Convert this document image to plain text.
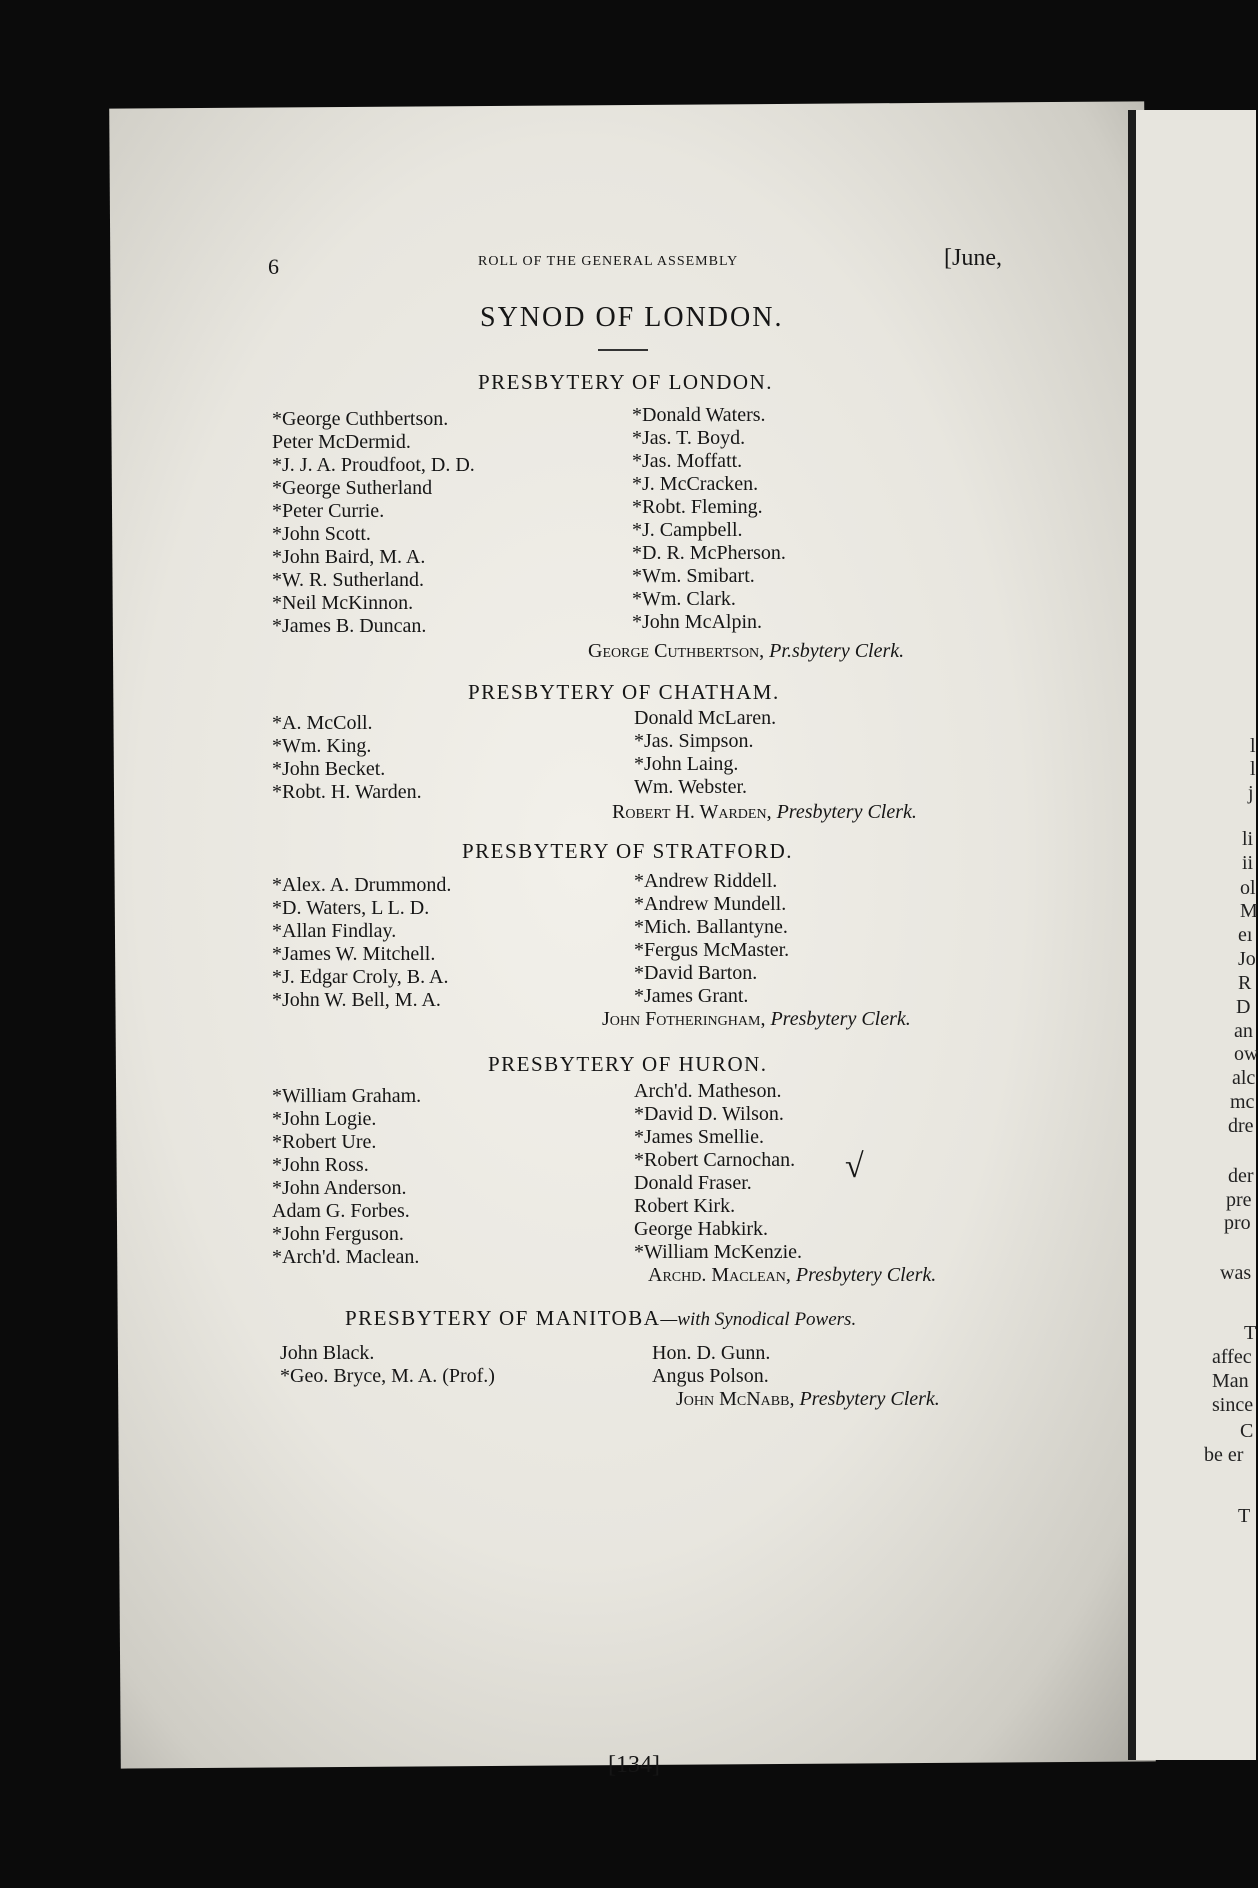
l
l
j
li
ii
ol
M
eı
Jo
R
D
an
ow
alc
mc
dre
der
pre
pro
was
T
affec
Man
since
C
be er
T
6	ROLL OF THE GENERAL ASSEMBLY	[June,
SYNOD OF LONDON.
PRESBYTERY OF LONDON.
*George Cuthbertson.
Peter McDermid.
*J. J. A. Proudfoot, D. D.
*George Sutherland
*Peter Currie.
*John Scott.
*John Baird, M. A.
*W. R. Sutherland.
*Neil McKinnon.
*James B. Duncan.
*Donald Waters.
*Jas. T. Boyd.
*Jas. Moffatt.
*J. McCracken.
*Robt. Fleming.
*J. Campbell.
*D. R. McPherson.
*Wm. Smibart.
*Wm. Clark.
*John McAlpin.
George Cuthbertson, Pr.sbytery Clerk.
PRESBYTERY OF CHATHAM.
*A. McColl.
*Wm. King.
*John Becket.
*Robt. H. Warden.
Donald McLaren.
*Jas. Simpson.
*John Laing.
Wm. Webster.
Robert H. Warden, Presbytery Clerk.
PRESBYTERY OF STRATFORD.
*Alex. A. Drummond.
*D. Waters, L L. D.
*Allan Findlay.
*James W. Mitchell.
*J. Edgar Croly, B. A.
*John W. Bell, M. A.
*Andrew Riddell.
*Andrew Mundell.
*Mich. Ballantyne.
*Fergus McMaster.
*David Barton.
*James Grant.
John Fotheringham, Presbytery Clerk.
PRESBYTERY OF HURON.
*William Graham.
*John Logie.
*Robert Ure.
*John Ross.
*John Anderson.
Adam G. Forbes.
*John Ferguson.
*Arch'd. Maclean.
Arch'd. Matheson.
*David D. Wilson.
*James Smellie.
*Robert Carnochan.
Donald Fraser.
Robert Kirk.
George Habkirk.
*William McKenzie.
√
Archd. Maclean, Presbytery Clerk.
PRESBYTERY OF MANITOBA—with Synodical Powers.
John Black.
*Geo. Bryce, M. A. (Prof.)
Hon. D. Gunn.
Angus Polson.
John McNabb, Presbytery Clerk.
[134]
